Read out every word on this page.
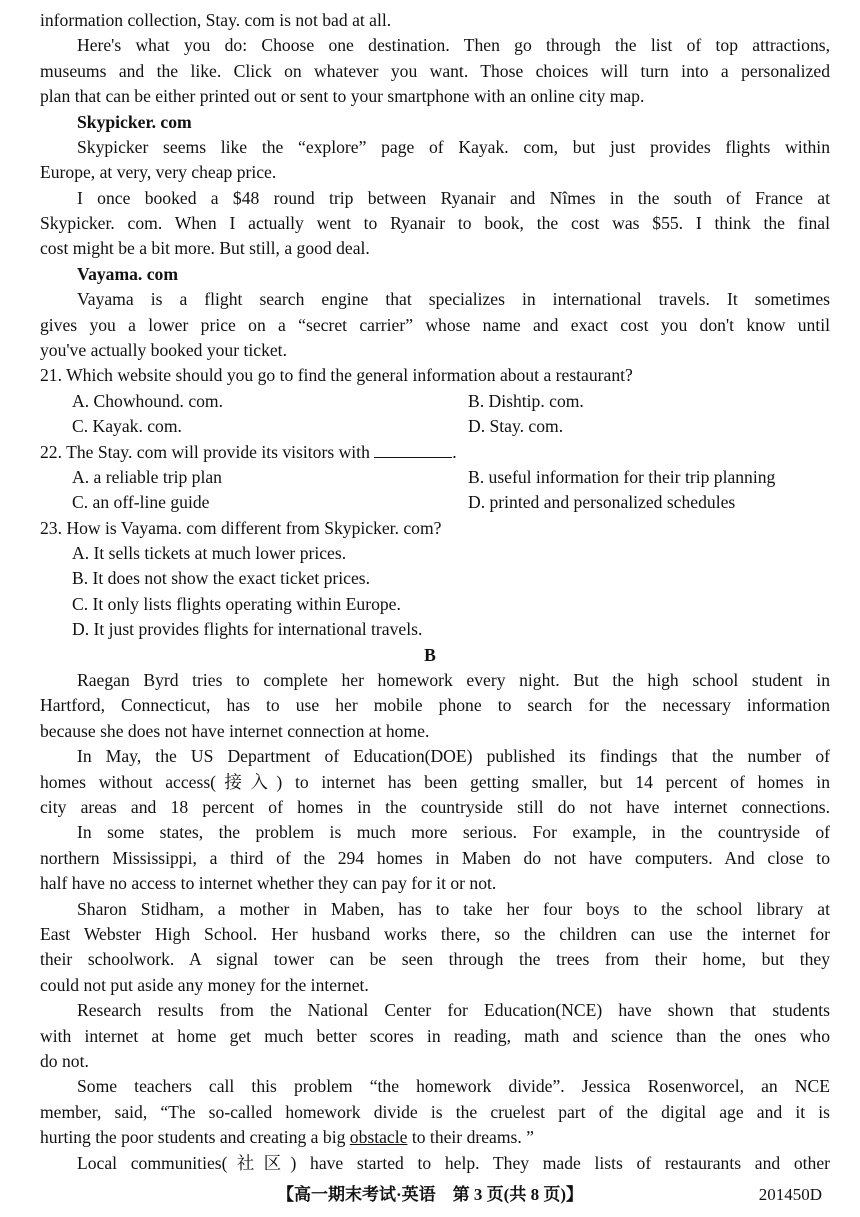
information collection, Stay. com is not bad at all.
Here's what you do: Choose one destination. Then go through the list of top attractions,
museums and the like. Click on whatever you want. Those choices will turn into a personalized
plan that can be either printed out or sent to your smartphone with an online city map.
Skypicker. com
Skypicker seems like the “explore” page of Kayak. com, but just provides flights within
Europe, at very, very cheap price.
I once booked a $48 round trip between Ryanair and Nîmes in the south of France at
Skypicker. com. When I actually went to Ryanair to book, the cost was $55. I think the final
cost might be a bit more. But still, a good deal.
Vayama. com
Vayama is a flight search engine that specializes in international travels. It sometimes
gives you a lower price on a “secret carrier” whose name and exact cost you don't know until
you've actually booked your ticket.
21. Which website should you go to find the general information about a restaurant?
A. Chowhound. com.	B. Dishtip. com.
C. Kayak. com.	D. Stay. com.
22. The Stay. com will provide its visitors with	.
A. a reliable trip plan	B. useful information for their trip planning
C. an off-line guide	D. printed and personalized schedules
23. How is Vayama. com different from Skypicker. com?
A. It sells tickets at much lower prices.
B. It does not show the exact ticket prices.
C. It only lists flights operating within Europe.
D. It just provides flights for international travels.
B
Raegan Byrd tries to complete her homework every night. But the high school student in
Hartford, Connecticut, has to use her mobile phone to search for the necessary information
because she does not have internet connection at home.
In May, the US Department of Education(DOE) published its findings that the number of
homes without access(接入) to internet has been getting smaller, but 14 percent of homes in
city areas and 18 percent of homes in the countryside still do not have internet connections.
In some states, the problem is much more serious. For example, in the countryside of
northern Mississippi, a third of the 294 homes in Maben do not have computers. And close to
half have no access to internet whether they can pay for it or not.
Sharon Stidham, a mother in Maben, has to take her four boys to the school library at
East Webster High School. Her husband works there, so the children can use the internet for
their schoolwork. A signal tower can be seen through the trees from their home, but they
could not put aside any money for the internet.
Research results from the National Center for Education(NCE) have shown that students
with internet at home get much better scores in reading, math and science than the ones who
do not.
Some teachers call this problem “the homework divide”. Jessica Rosenworcel, an NCE
member, said, “The so-called homework divide is the cruelest part of the digital age and it is
hurting the poor students and creating a big obstacle to their dreams. ”
Local communities(社区) have started to help. They made lists of restaurants and other
【高一期末考试·英语　第 3 页(共 8 页)】	201450D
